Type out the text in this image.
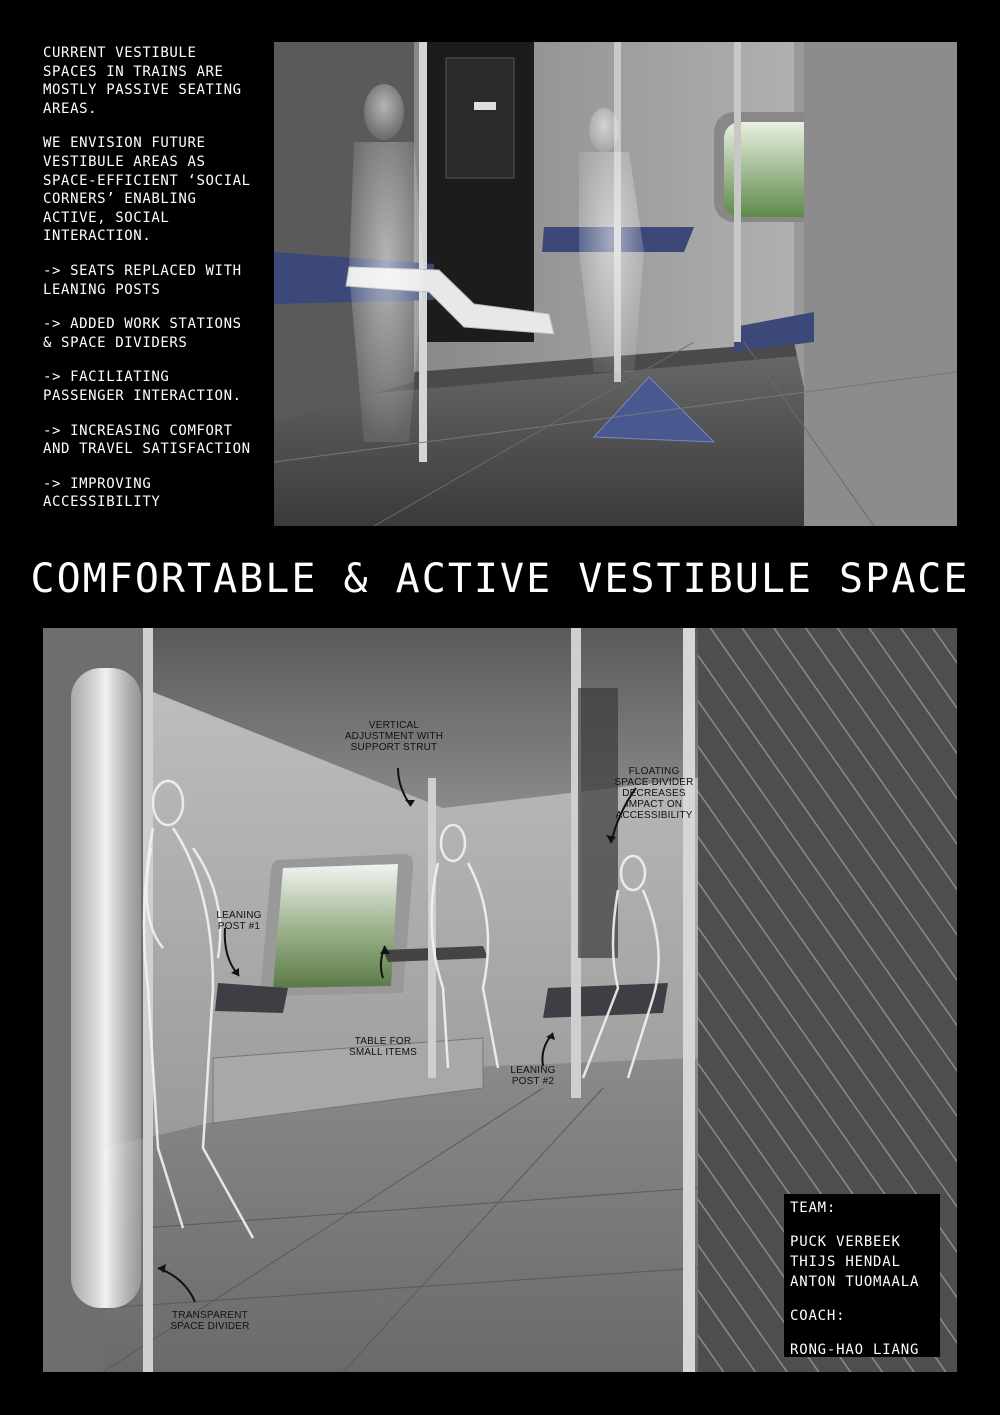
CURRENT VESTIBULE SPACES IN TRAINS ARE MOSTLY PASSIVE SEATING AREAS.

WE ENVISION FUTURE VESTIBULE AREAS AS SPACE-EFFICIENT ‘SOCIAL CORNERS’ ENABLING ACTIVE, SOCIAL INTERACTION.

-> SEATS REPLACED WITH LEANING POSTS
-> ADDED WORK STATIONS & SPACE DIVIDERS
-> FACILIATING PASSENGER INTERACTION.
-> INCREASING COMFORT AND TRAVEL SATISFACTION
-> IMPROVING ACCESSIBILITY
COMFORTABLE & ACTIVE VESTIBULE SPACE
VERTICAL ADJUSTMENT WITH SUPPORT STRUT
FLOATING SPACE DIVIDER DECREASES IMPACT ON ACCESSIBILITY
LEANING POST #1
TABLE FOR SMALL ITEMS
LEANING POST #2
TRANSPARENT SPACE DIVIDER
TEAM:
PUCK VERBEEK
THIJS HENDAL
ANTON TUOMAALA
COACH:
RONG-HAO LIANG
